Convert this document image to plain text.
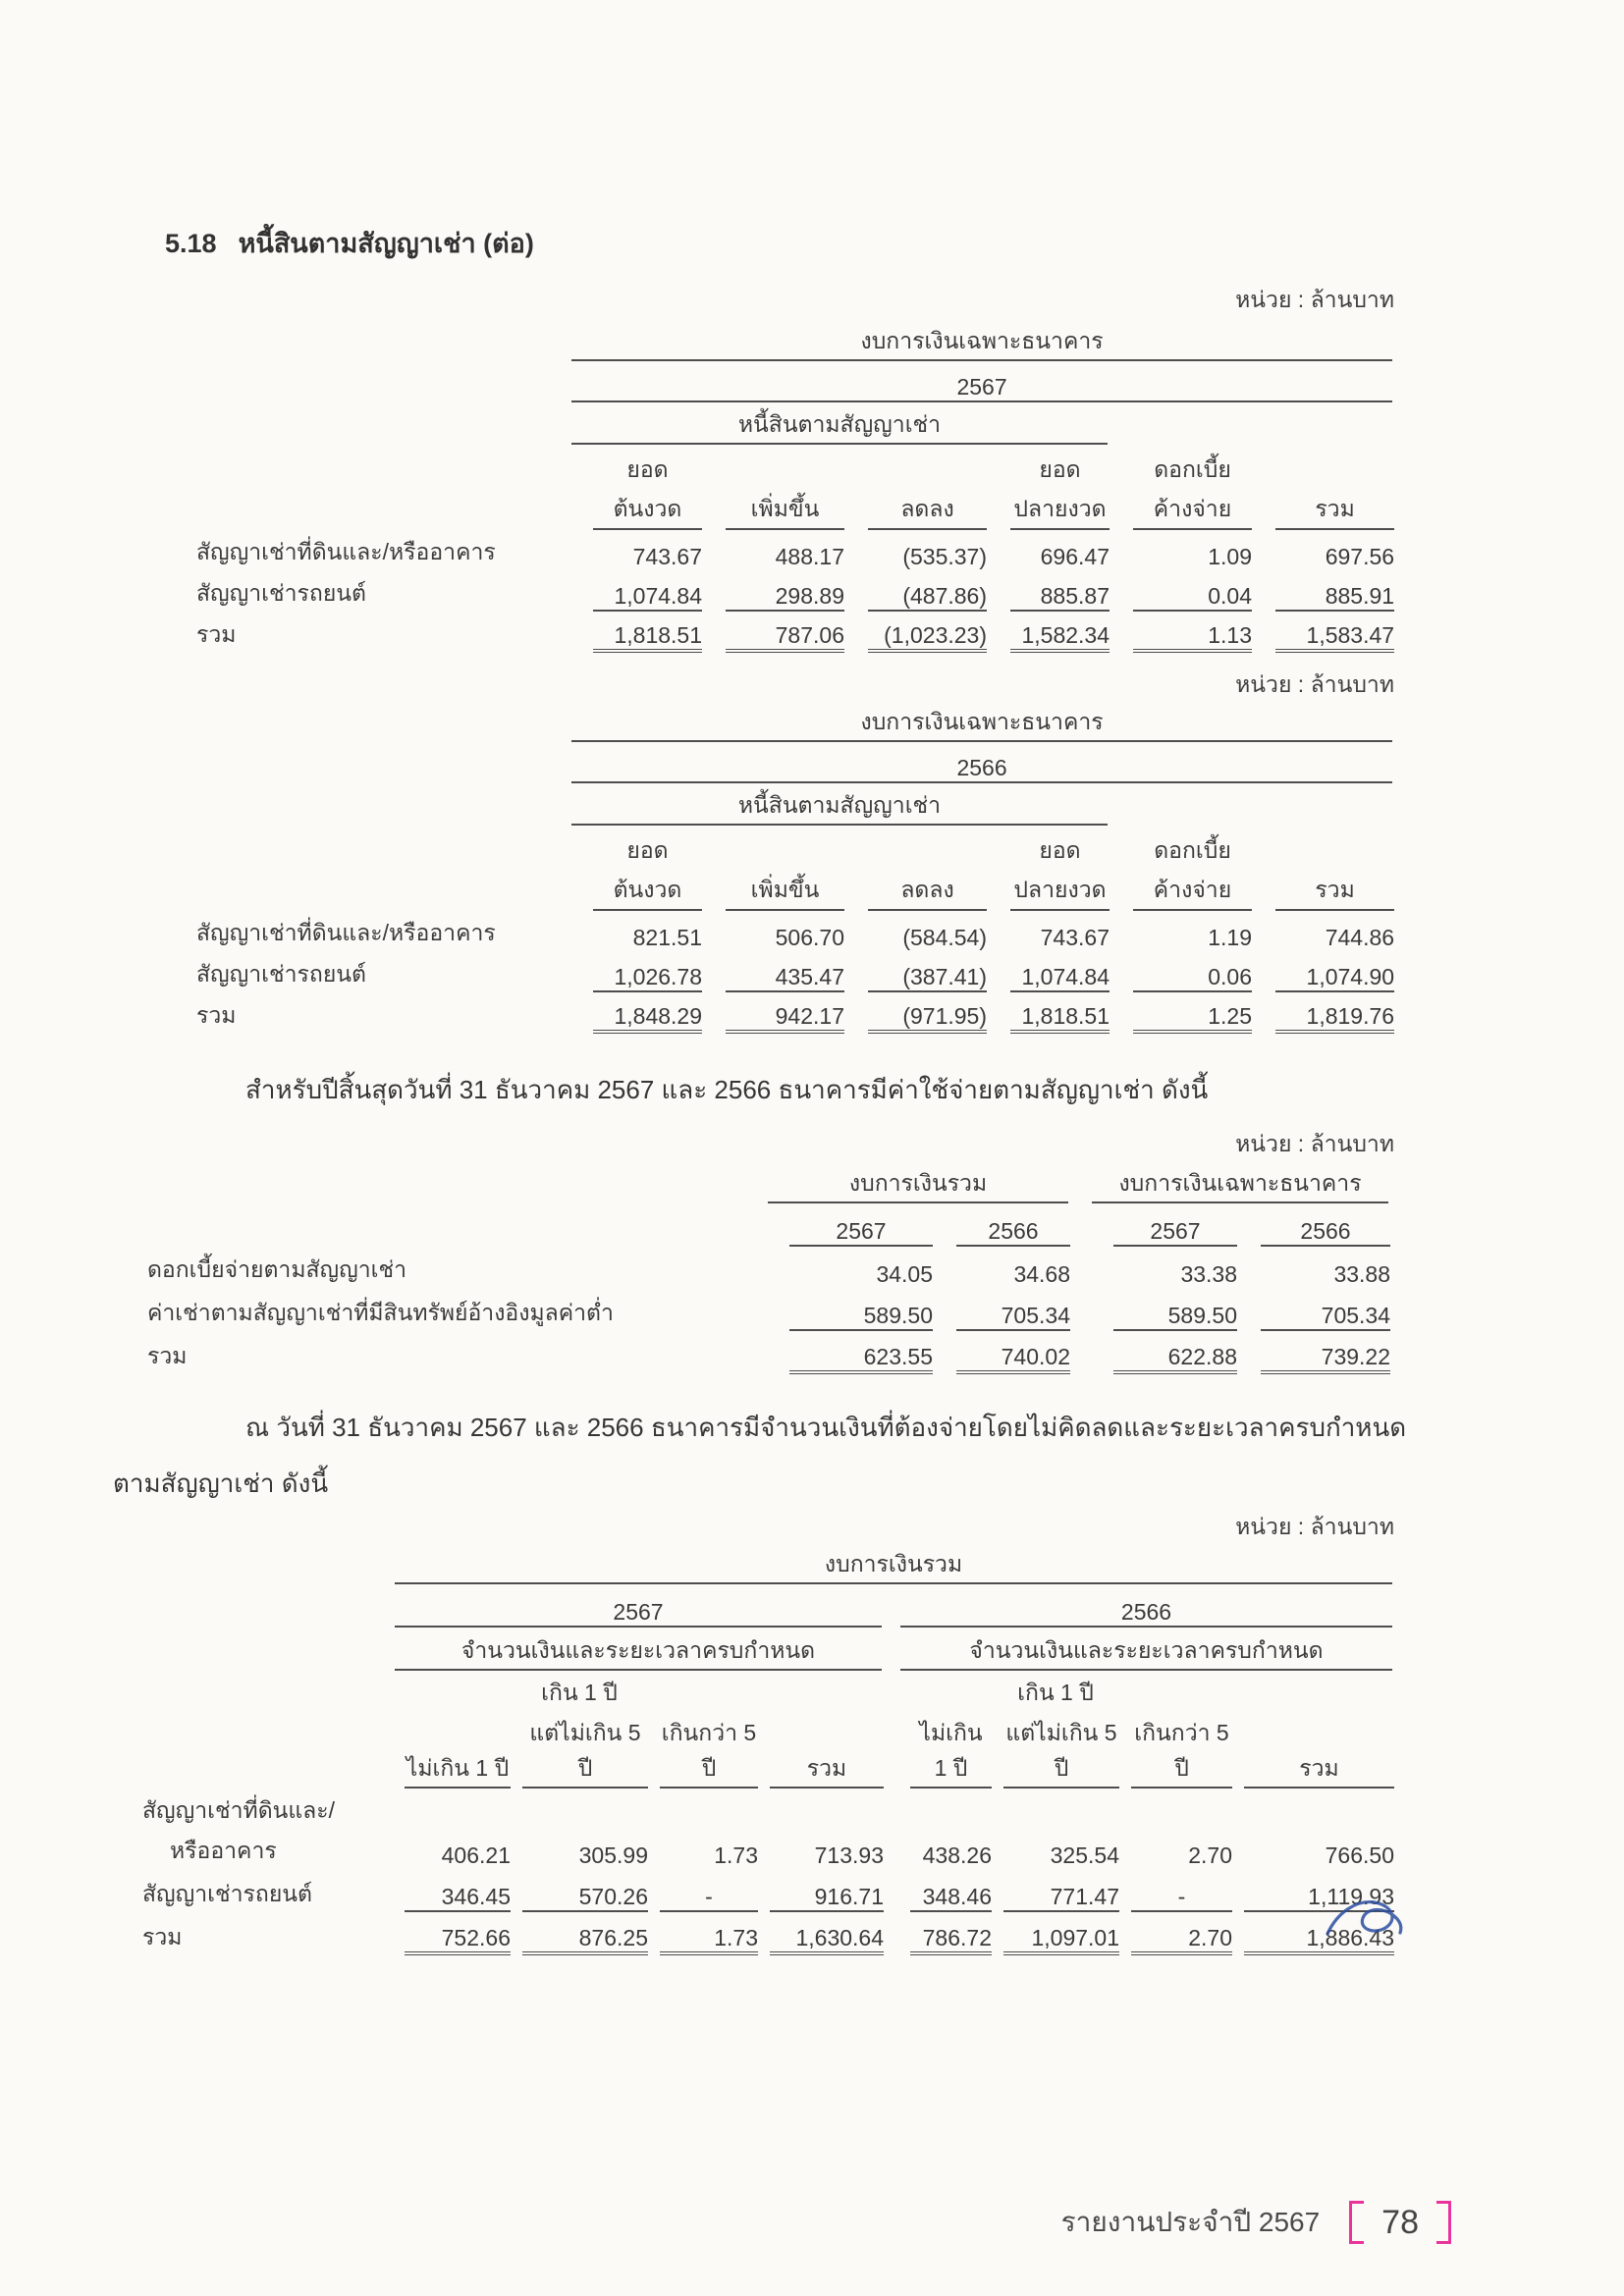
5.18 หนี้สินตามสัญญาเช่า (ต่อ)
หน่วย : ล้านบาท

	งบการเงินเฉพาะธนาคาร					

	2567					

	หนี้สินตามสัญญาเช่า					

ยอด
ต้นงวด	เพิ่มขึ้น	ลดลง

ยอด
ปลายงวด

ดอกเบี้ย
ค้างจ่าย	รวม

สัญญาเช่าที่ดินและ/หรืออาคาร	743.67	488.17	(535.37)	696.47	1.09	697.56

สัญญาเช่ารถยนต์	1,074.84	298.89	(487.86)	885.87	0.04	885.91

รวม	1,818.51	787.06	(1,023.23)	1,582.34	1.13	1,583.47
หน่วย : ล้านบาท

	งบการเงินเฉพาะธนาคาร					

	2566					

	หนี้สินตามสัญญาเช่า					

ยอด
ต้นงวด	เพิ่มขึ้น	ลดลง

ยอด
ปลายงวด

ดอกเบี้ย
ค้างจ่าย	รวม

สัญญาเช่าที่ดินและ/หรืออาคาร	821.51	506.70	(584.54)	743.67	1.19	744.86

สัญญาเช่ารถยนต์	1,026.78	435.47	(387.41)	1,074.84	0.06	1,074.90

รวม	1,848.29	942.17	(971.95)	1,818.51	1.25	1,819.76
สำหรับปีสิ้นสุดวันที่ 31 ธันวาคม 2567 และ 2566 ธนาคารมีค่าใช้จ่ายตามสัญญาเช่า ดังนี้
หน่วย : ล้านบาท

	งบการเงินรวม			งบการเงินเฉพาะธนาคาร	

	2567	2566		2567	2566

ดอกเบี้ยจ่ายตามสัญญาเช่า	34.05	34.68		33.38	33.88

ค่าเช่าตามสัญญาเช่าที่มีสินทรัพย์อ้างอิงมูลค่าต่ำ	589.50	705.34		589.50	705.34

รวม	623.55	740.02		622.88	739.22
ณ วันที่ 31 ธันวาคม 2567 และ 2566 ธนาคารมีจำนวนเงินที่ต้องจ่ายโดยไม่คิดลดและระยะเวลาครบกำหนด
ตามสัญญาเช่า ดังนี้
หน่วย : ล้านบาท

	งบการเงินรวม								

	2567					2566			

	จำนวนเงินและระยะเวลาครบกำหนด					จำนวนเงินและระยะเวลาครบกำหนด			

		เกิน 1 ปี					เกิน 1 ปี		

	ไม่เกิน 1 ปี	แต่ไม่เกิน 5 ปี	เกินกว่า 5 ปี	รวม		ไม่เกิน 1 ปี	แต่ไม่เกิน 5 ปี	เกินกว่า 5 ปี	รวม

สัญญาเช่าที่ดินและ/									
หรืออาคาร	406.21	305.99	1.73	713.93		438.26	325.54	2.70	766.50

สัญญาเช่ารถยนต์	346.45	570.26	-	916.71		348.46	771.47	-	1,119.93

รวม	752.66	876.25	1.73	1,630.64		786.72	1,097.01	2.70	1,886.43
รายงานประจำปี 2567 78
